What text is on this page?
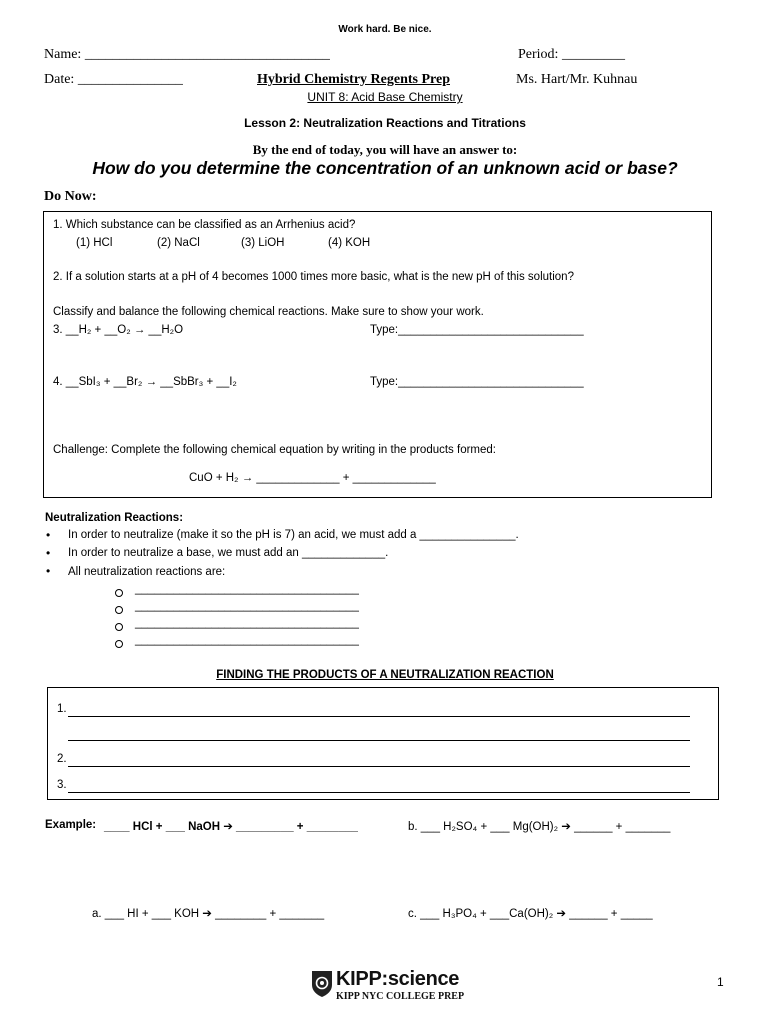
Work hard. Be nice.
Name: ___________________________________	Period: _________
Date: _______________	Hybrid Chemistry Regents Prep	Ms. Hart/Mr. Kuhnau
UNIT 8: Acid Base Chemistry
Lesson 2: Neutralization Reactions and Titrations
By the end of today, you will have an answer to:
How do you determine the concentration of an unknown acid or base?
Do Now:
1. Which substance can be classified as an Arrhenius acid?
(1) HCl	(2) NaCl	(3) LiOH	(4) KOH
2. If a solution starts at a pH of 4 becomes 1000 times more basic, what is the new pH of this solution?
Classify and balance the following chemical reactions. Make sure to show your work.
3. __H₂ + __O₂ → __H₂O	Type:_____________________________
4. __SbI₃ + __Br₂ → __SbBr₃ + __I₂	Type:_____________________________
Challenge: Complete the following chemical equation by writing in the products formed:
CuO + H₂ → _____________ + _____________
Neutralization Reactions:
• In order to neutralize (make it so the pH is 7) an acid, we must add a _______________.
• In order to neutralize a base, we must add an _____________.
• All neutralization reactions are:
___________________________________
___________________________________
___________________________________
___________________________________
FINDING THE PRODUCTS OF A NEUTRALIZATION REACTION
1.
2.
3.
Example: ____ HCl + ___ NaOH ➔ _________ + ________	b. ___ H₂SO₄ + ___ Mg(OH)₂ ➔ ______ + _______
a. ___ HI + ___ KOH ➔ ________ + _______	c. ___ H₃PO₄ + ___Ca(OH)₂ ➔ ______ + _____
KIPP:science
KIPP NYC COLLEGE PREP
1
